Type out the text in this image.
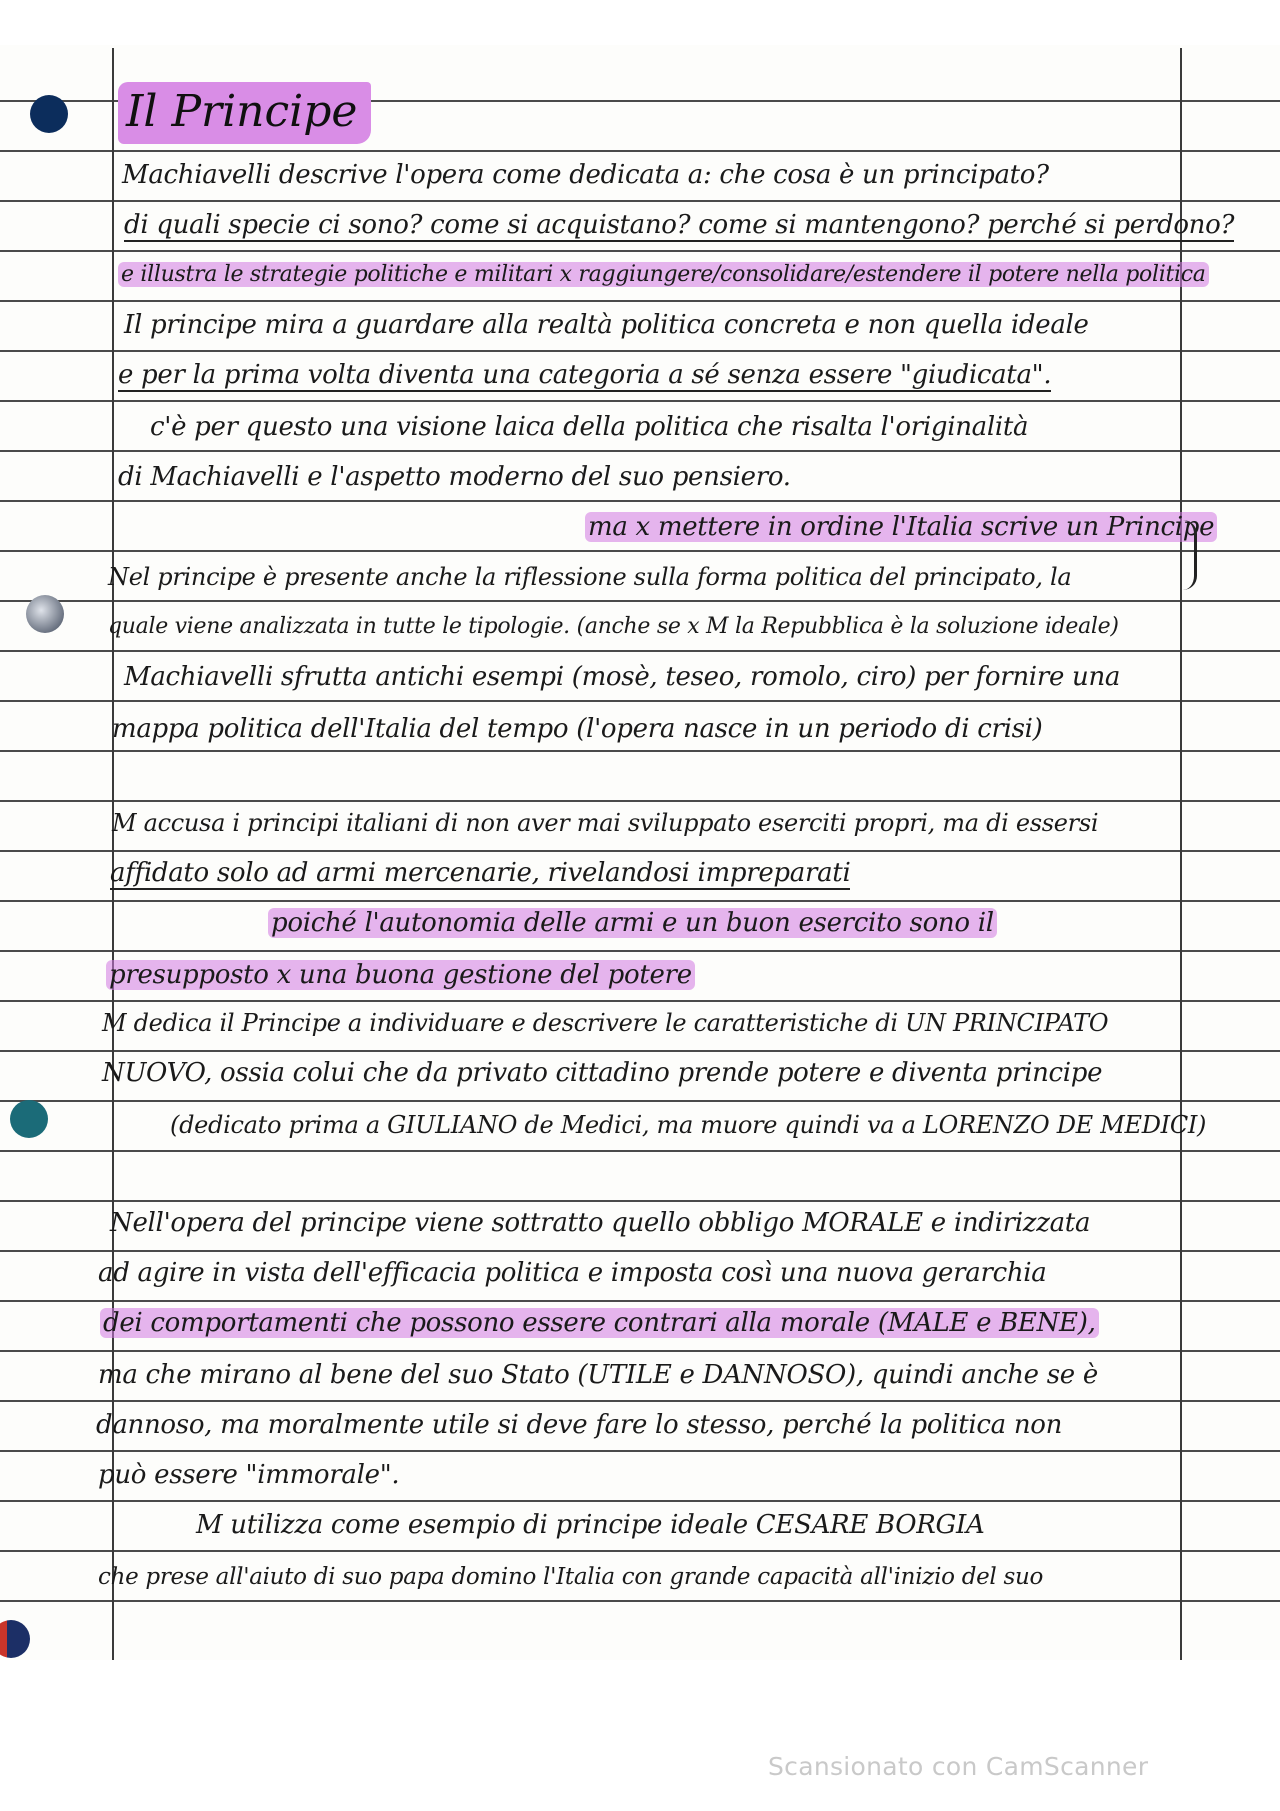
Il Principe
Machiavelli descrive l'opera come dedicata a: che cosa è un principato?
di quali specie ci sono? come si acquistano? come si mantengono? perché si perdono?
e illustra le strategie politiche e militari x raggiungere/consolidare/estendere il potere nella politica
Il principe mira a guardare alla realtà politica concreta e non quella ideale
e per la prima volta diventa una categoria a sé senza essere "giudicata".
c'è per questo una visione laica della politica che risalta l'originalità
di Machiavelli e l'aspetto moderno del suo pensiero.
ma x mettere in ordine l'Italia scrive un Principe
Nel principe è presente anche la riflessione sulla forma politica del principato, la
quale viene analizzata in tutte le tipologie. (anche se x M la Repubblica è la soluzione ideale)
Machiavelli sfrutta antichi esempi (mosè, teseo, romolo, ciro) per fornire una
mappa politica dell'Italia del tempo (l'opera nasce in un periodo di crisi)
M accusa i principi italiani di non aver mai sviluppato eserciti propri, ma di essersi
affidato solo ad armi mercenarie, rivelandosi impreparati
poiché l'autonomia delle armi e un buon esercito sono il
presupposto x una buona gestione del potere
M dedica il Principe a individuare e descrivere le caratteristiche di UN PRINCIPATO
NUOVO, ossia colui che da privato cittadino prende potere e diventa principe
(dedicato prima a GIULIANO de Medici, ma muore quindi va a LORENZO DE MEDICI)
Nell'opera del principe viene sottratto quello obbligo MORALE e indirizzata
ad agire in vista dell'efficacia politica e imposta così una nuova gerarchia
dei comportamenti che possono essere contrari alla morale (MALE e BENE),
ma che mirano al bene del suo Stato (UTILE e DANNOSO), quindi anche se è
dannoso, ma moralmente utile si deve fare lo stesso, perché la politica non
può essere "immorale".
M utilizza come esempio di principe ideale CESARE BORGIA
che prese all'aiuto di suo papa domino l'Italia con grande capacità all'inizio del suo
Scansionato con CamScanner
